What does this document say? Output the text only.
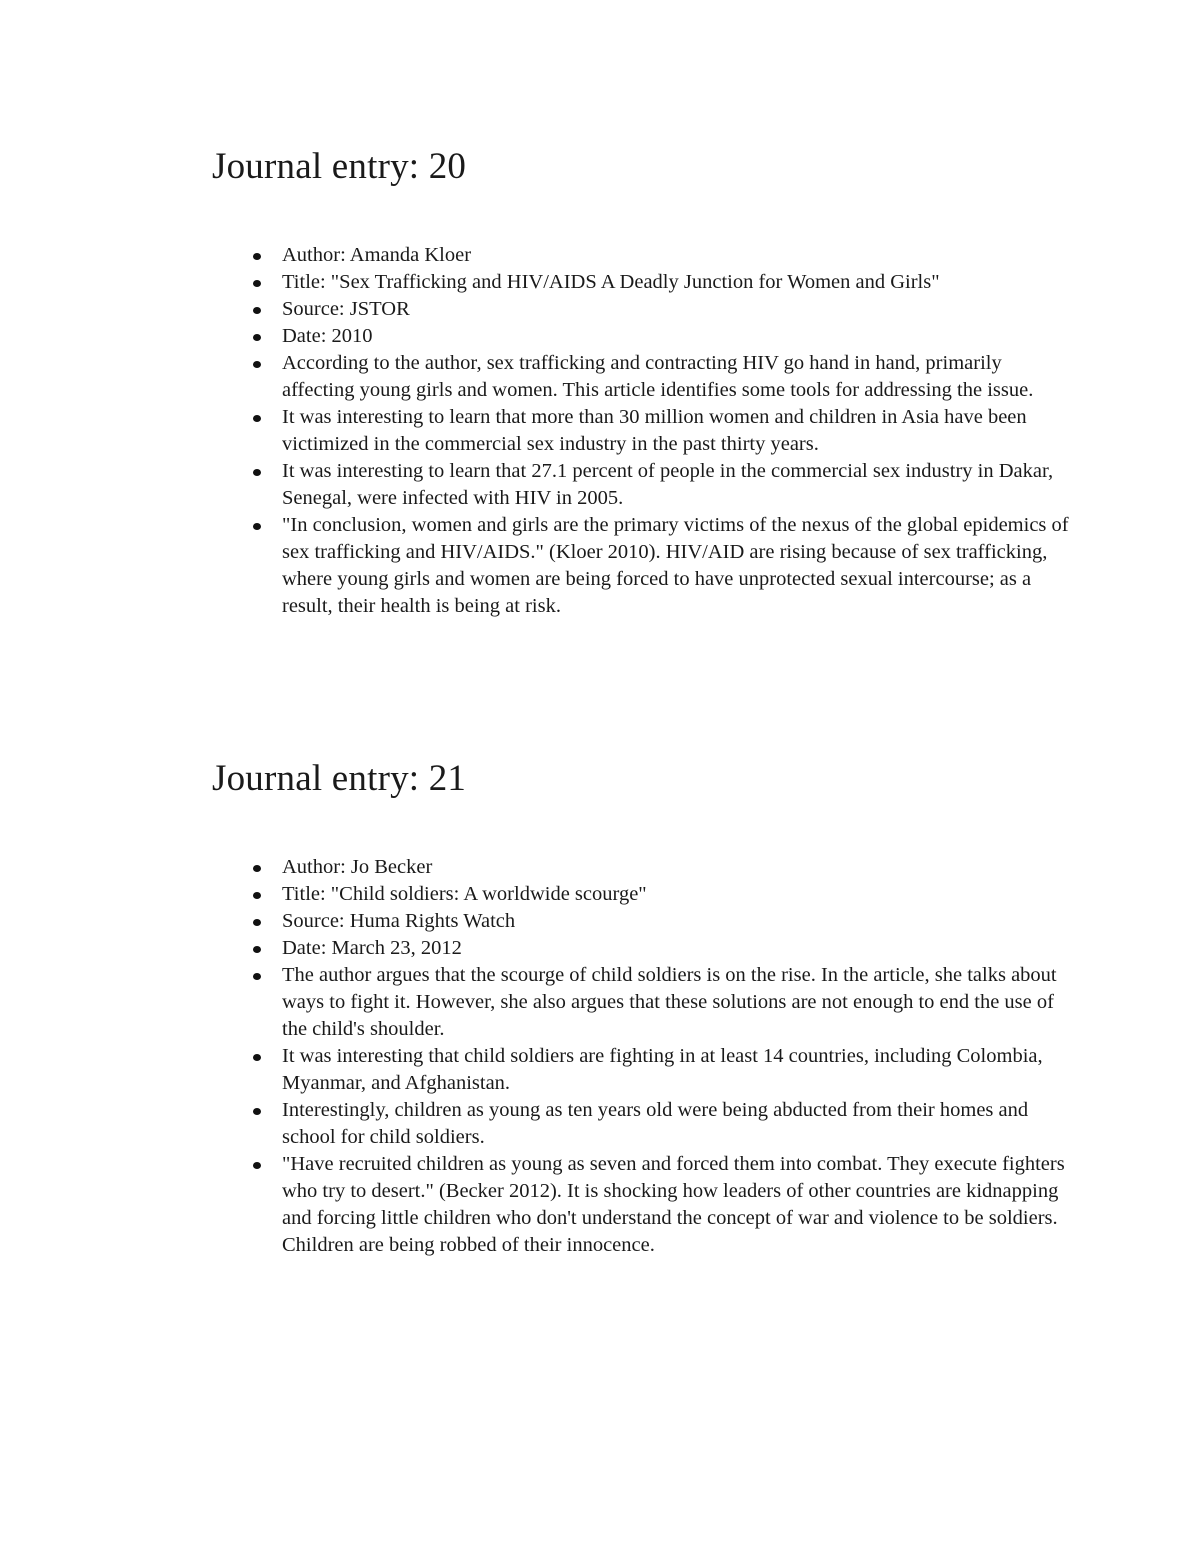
Journal entry: 20
Author: Amanda Kloer
Title: "Sex Trafficking and HIV/AIDS A Deadly Junction for Women and Girls"
Source: JSTOR
Date: 2010
According to the author, sex trafficking and contracting HIV go hand in hand, primarily affecting young girls and women. This article identifies some tools for addressing the issue.
It was interesting to learn that more than 30 million women and children in Asia have been victimized in the commercial sex industry in the past thirty years.
It was interesting to learn that 27.1 percent of people in the commercial sex industry in Dakar, Senegal, were infected with HIV in 2005.
"In conclusion, women and girls are the primary victims of the nexus of the global epidemics of sex trafficking and HIV/AIDS." (Kloer 2010). HIV/AID are rising because of sex trafficking, where young girls and women are being forced to have unprotected sexual intercourse; as a result, their health is being at risk.
Journal entry: 21
Author: Jo Becker
Title: "Child soldiers: A worldwide scourge"
Source: Huma Rights Watch
Date: March 23, 2012
The author argues that the scourge of child soldiers is on the rise. In the article, she talks about ways to fight it. However, she also argues that these solutions are not enough to end the use of the child's shoulder.
It was interesting that child soldiers are fighting in at least 14 countries, including Colombia, Myanmar, and Afghanistan.
Interestingly, children as young as ten years old were being abducted from their homes and school for child soldiers.
"Have recruited children as young as seven and forced them into combat. They execute fighters who try to desert." (Becker 2012). It is shocking how leaders of other countries are kidnapping and forcing little children who don't understand the concept of war and violence to be soldiers. Children are being robbed of their innocence.
